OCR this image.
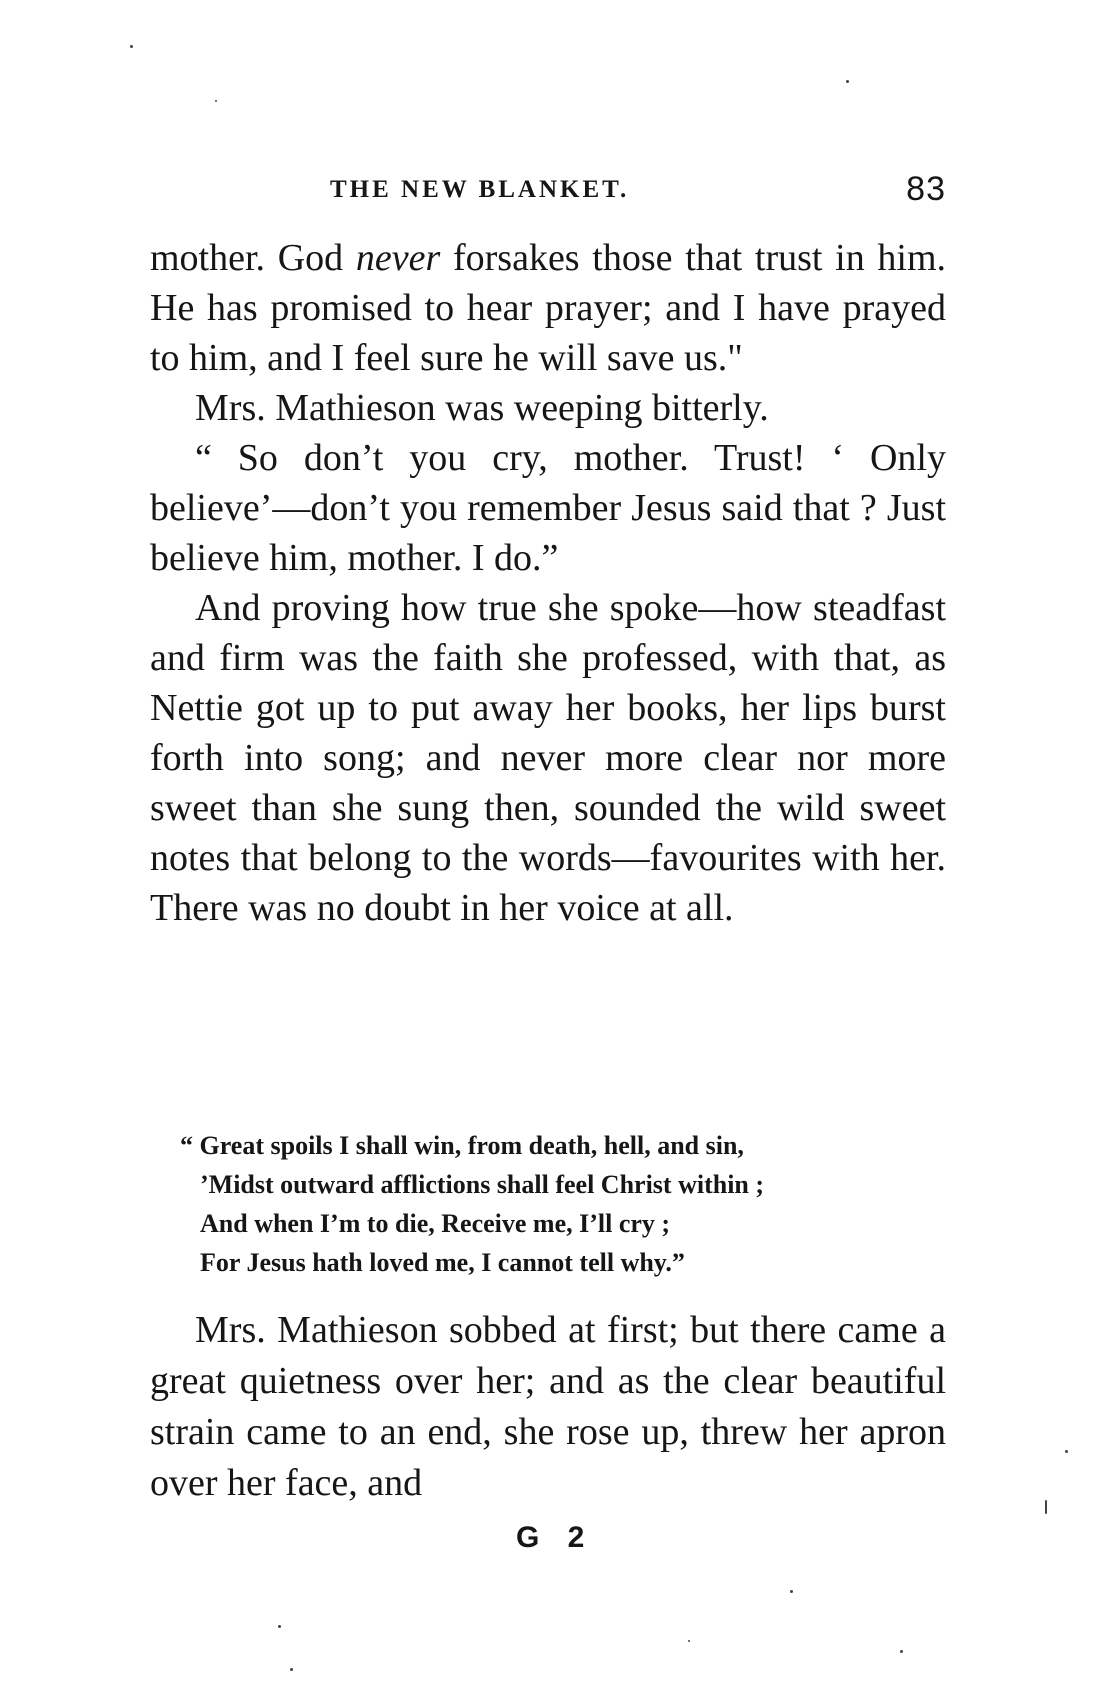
THE NEW BLANKET.	83

mother. God never forsakes those that trust in him. He has promised to hear prayer; and I have prayed to him, and I feel sure he will save us."

Mrs. Mathieson was weeping bitterly.

“ So don’t you cry, mother. Trust! ‘ Only believe’—don’t you remember Jesus said that ? Just believe him, mother. I do.”

And proving how true she spoke—how steadfast and firm was the faith she professed, with that, as Nettie got up to put away her books, her lips burst forth into song; and never more clear nor more sweet than she sung then, sounded the wild sweet notes that belong to the words—favourites with her. There was no doubt in her voice at all.

“ Great spoils I shall win, from death, hell, and sin,
’Midst outward afflictions shall feel Christ within ;
And when I’m to die, Receive me, I’ll cry ;
For Jesus hath loved me, I cannot tell why.”

Mrs. Mathieson sobbed at first; but there came a great quietness over her; and as the clear beautiful strain came to an end, she rose up, threw her apron over her face, and

G 2
